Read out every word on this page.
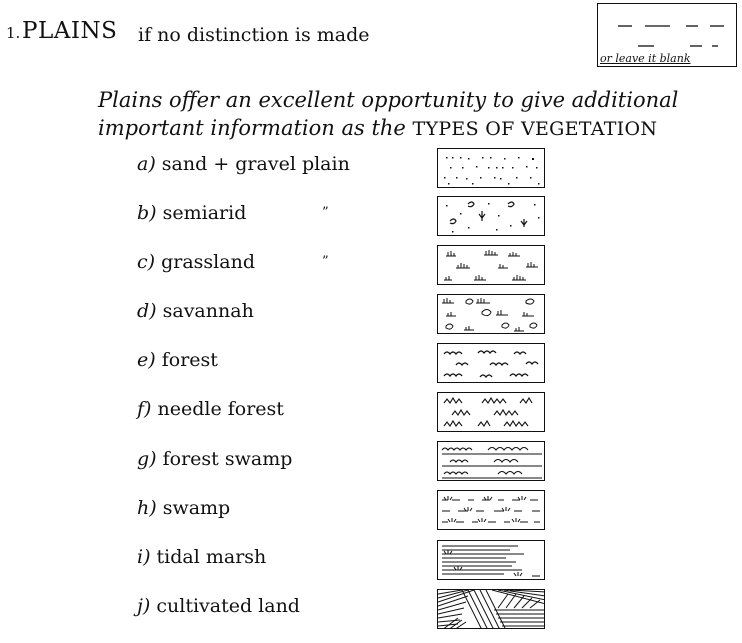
1. PLAINS if no distinction is made
or leave it blank
Plains offer an excellent opportunity to give additional
important information as the TYPES OF VEGETATION
a) sand + gravel plain
b) semiarid	”
c) grassland	”
d) savannah
e) forest
f) needle forest
g) forest swamp
h) swamp
i) tidal marsh
j) cultivated land
